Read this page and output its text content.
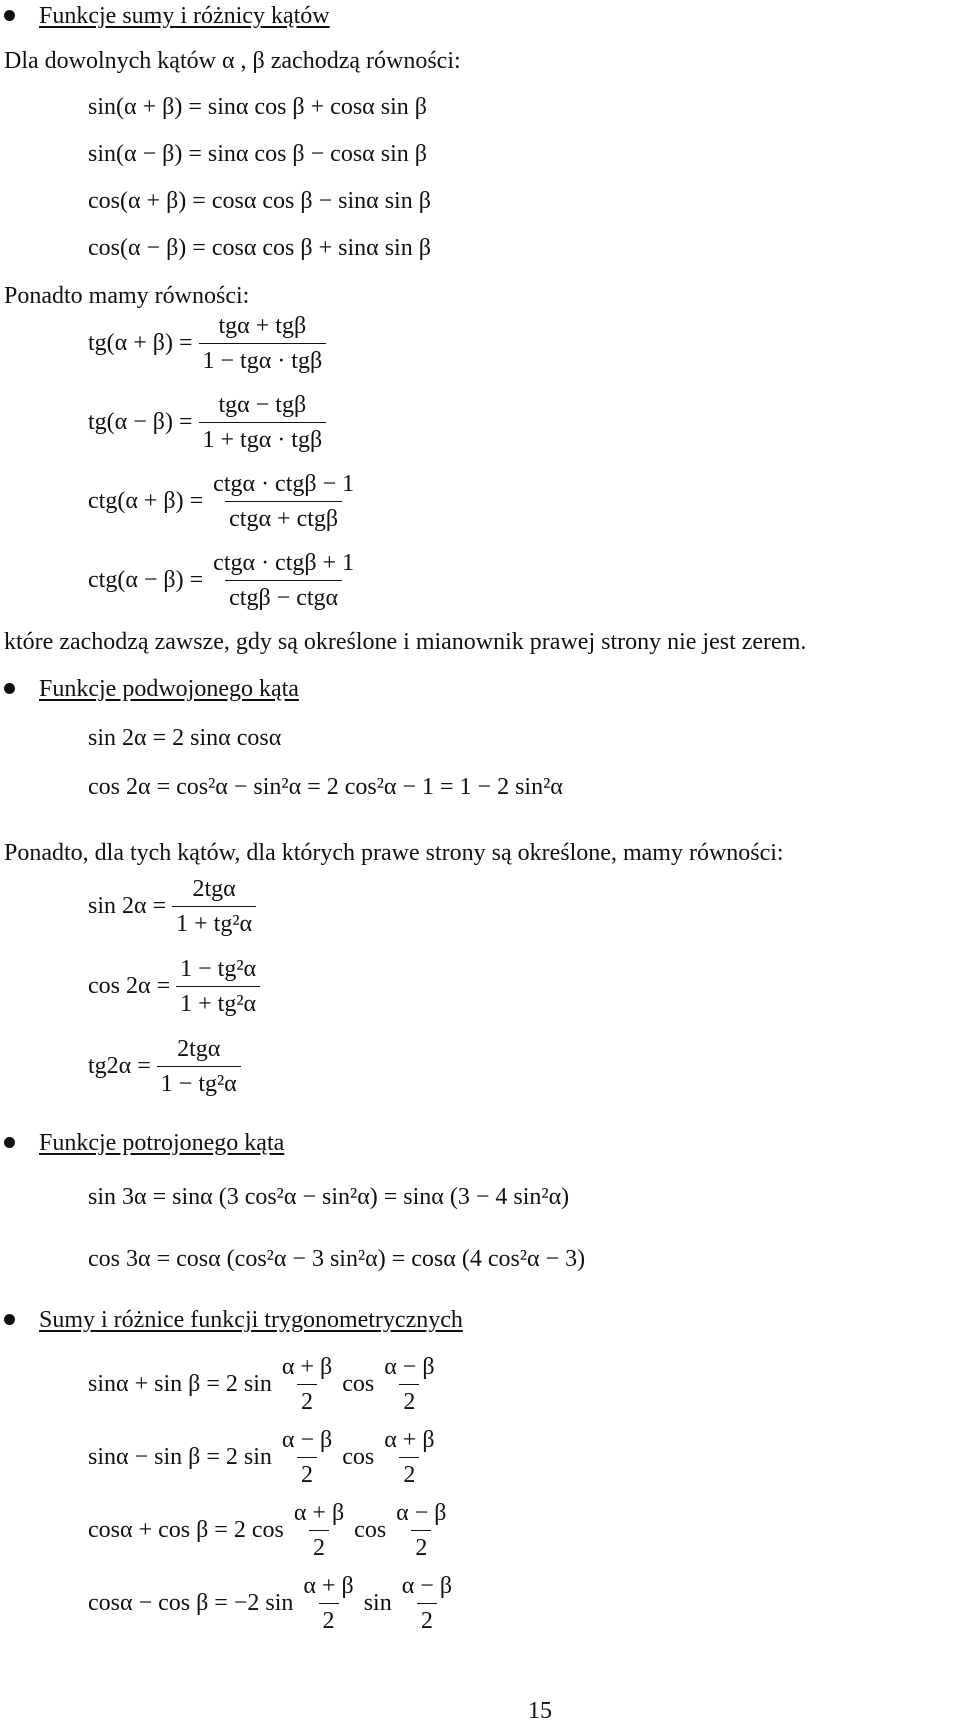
Funkcje sumy i różnicy kątów
Dla dowolnych kątów α , β zachodzą równości:
sin(α + β) = sinα cos β + cosα sin β
sin(α − β) = sinα cos β − cosα sin β
cos(α + β) = cosα cos β − sinα sin β
cos(α − β) = cosα cos β + sinα sin β
Ponadto mamy równości:
$tg(\alpha + \beta) = \frac{\text{tgα + tgβ}}{\text{1 − tgα · tgβ}}$
$tg(\alpha - \beta) = \frac{\text{tgα − tgβ}}{\text{1 + tgα · tgβ}}$
$ctg(\alpha + \beta) = \frac{\text{ctgα · ctgβ − 1}}{\text{ctgα + ctgβ}}$
$ctg(\alpha - \beta) = \frac{\text{ctgα · ctgβ + 1}}{\text{ctgβ − ctgα}}$
które zachodzą zawsze, gdy są określone i mianownik prawej strony nie jest zerem.
Funkcje podwojonego kąta
sin 2α = 2 sinα cosα
cos 2α = cos²α − sin²α = 2 cos²α − 1 = 1 − 2 sin²α
Ponadto, dla tych kątów, dla których prawe strony są określone, mamy równości:
$\sin 2\alpha = \frac{\text{2tgα}}{\text{1 + tg²α}}$
$\cos 2\alpha = \frac{\text{1 − tg²α}}{\text{1 + tg²α}}$
$tg2\alpha = \frac{\text{2tgα}}{\text{1 − tg²α}}$
Funkcje potrojonego kąta
sin 3α = sinα (3 cos²α − sin²α) = sinα (3 − 4 sin²α)
cos 3α = cosα (cos²α − 3 sin²α) = cosα (4 cos²α − 3)
Sumy i różnice funkcji trygonometrycznych
sinα + sin β = 2 $\sin \frac{\alpha + \beta}{2}$ $\cos \frac{\alpha - \beta}{2}$
sinα − sin β = 2 $\sin \frac{\alpha - \beta}{2}$ $\cos \frac{\alpha + \beta}{2}$
cosα + cos β = 2 $\cos \frac{\alpha + \beta}{2}$ $\cos \frac{\alpha - \beta}{2}$
cosα − cos β = −2 $\sin \frac{\alpha + \beta}{2}$ $\sin \frac{\alpha - \beta}{2}$
15
